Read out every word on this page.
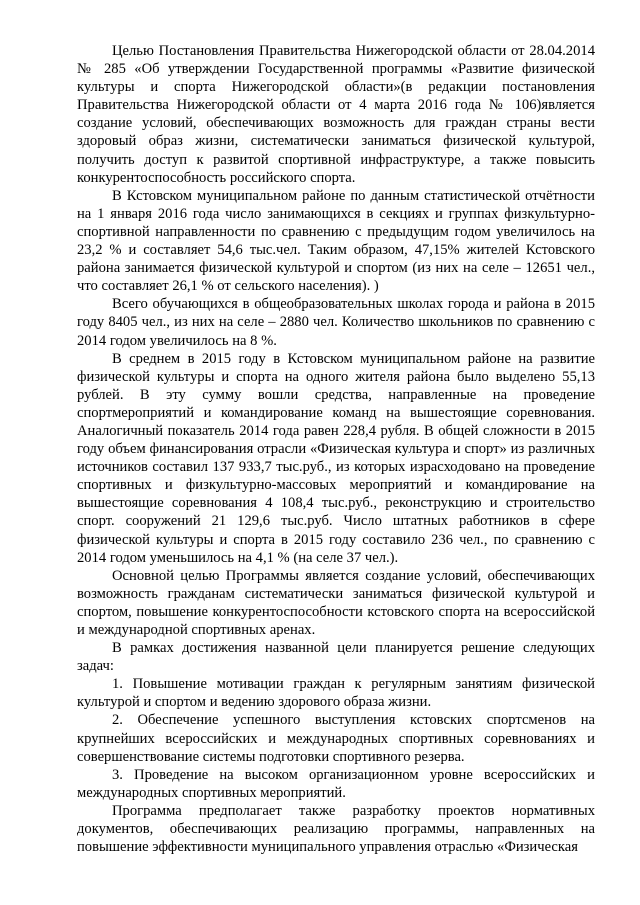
Целью Постановления Правительства Нижегородской области от 28.04.2014 № 285 «Об утверждении Государственной программы «Развитие физической культуры и спорта Нижегородской области»(в редакции постановления Правительства Нижегородской области от 4 марта 2016 года № 106)является создание условий, обеспечивающих возможность для граждан страны вести здоровый образ жизни, систематически заниматься физической культурой, получить доступ к развитой спортивной инфраструктуре, а также повысить конкурентоспособность российского спорта.

В Кстовском муниципальном районе по данным статистической отчётности на 1 января 2016 года число занимающихся в секциях и группах физкультурно-спортивной направленности по сравнению с предыдущим годом увеличилось на 23,2 % и составляет 54,6 тыс.чел. Таким образом, 47,15% жителей Кстовского района занимается физической культурой и спортом (из них на селе – 12651 чел., что составляет 26,1 % от сельского населения). )

Всего обучающихся в общеобразовательных школах города и района в 2015 году 8405 чел., из них на селе – 2880 чел. Количество школьников по сравнению с 2014 годом увеличилось на 8 %.

В среднем в 2015 году в Кстовском муниципальном районе на развитие физической культуры и спорта на одного жителя района было выделено 55,13 рублей. В эту сумму вошли средства, направленные на проведение спортмероприятий и командирование команд на вышестоящие соревнования. Аналогичный показатель 2014 года равен 228,4 рубля. В общей сложности в 2015 году объем финансирования отрасли «Физическая культура и спорт» из различных источников составил 137 933,7 тыс.руб., из которых израсходовано на проведение спортивных и физкультурно-массовых мероприятий и командирование на вышестоящие соревнования 4 108,4 тыс.руб., реконструкцию и строительство спорт. сооружений 21 129,6 тыс.руб. Число штатных работников в сфере физической культуры и спорта в 2015 году составило 236 чел., по сравнению с 2014 годом уменьшилось на 4,1 % (на селе 37 чел.).

Основной целью Программы является создание условий, обеспечивающих возможность гражданам систематически заниматься физической культурой и спортом, повышение конкурентоспособности кстовского спорта на всероссийской и международной спортивных аренах.

В рамках достижения названной цели планируется решение следующих задач:

1. Повышение мотивации граждан к регулярным занятиям физической культурой и спортом и ведению здорового образа жизни.

2. Обеспечение успешного выступления кстовских спортсменов на крупнейших всероссийских и международных спортивных соревнованиях и совершенствование системы подготовки спортивного резерва.

3. Проведение на высоком организационном уровне всероссийских и международных спортивных мероприятий.

Программа предполагает также разработку проектов нормативных документов, обеспечивающих реализацию программы, направленных на повышение эффективности муниципального управления отраслью «Физическая
